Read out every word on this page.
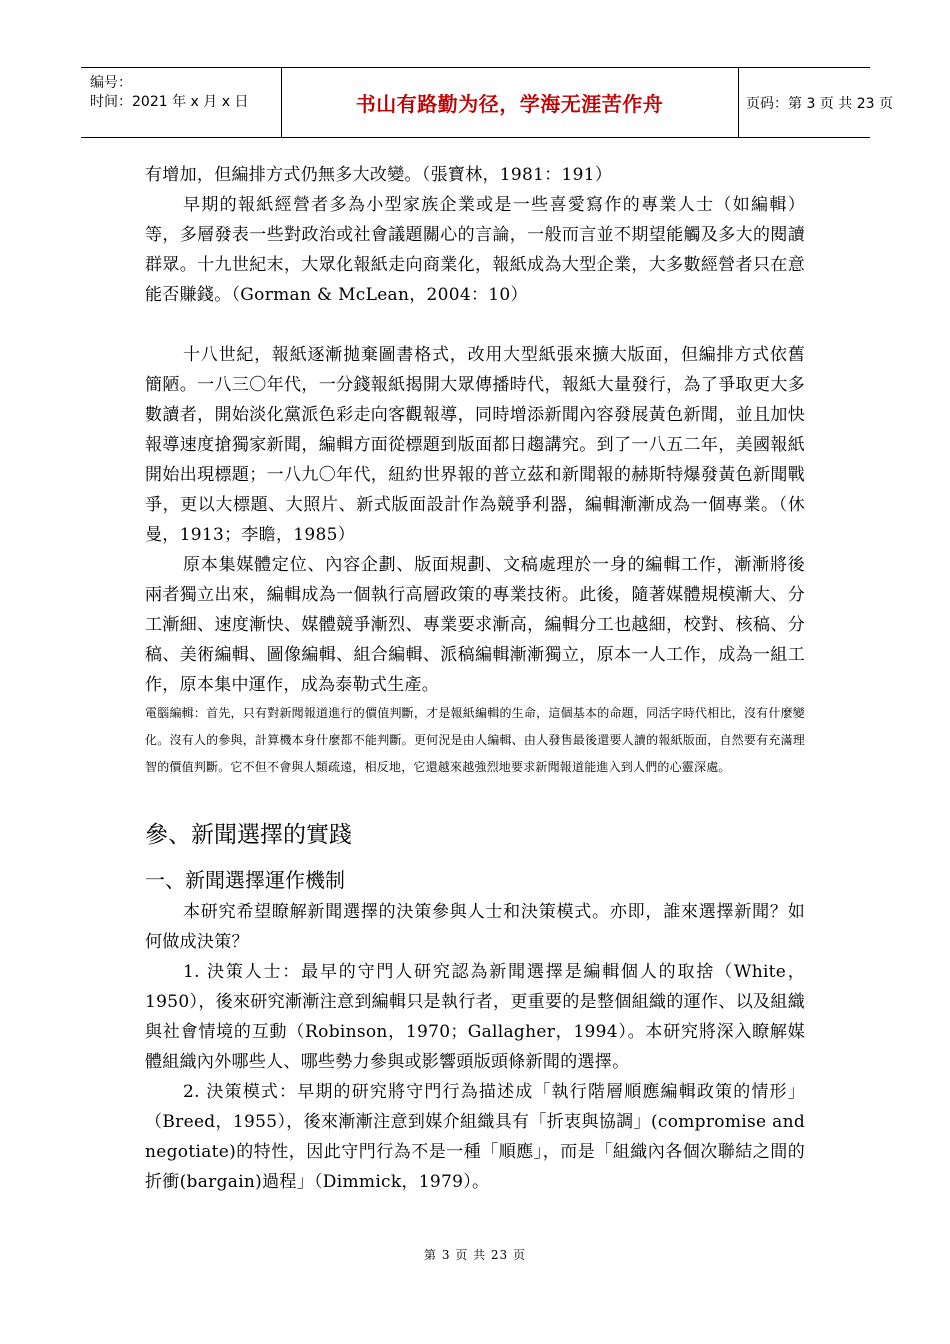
编号：
时间：2021 年 x 月 x 日	书山有路勤为径，学海无涯苦作舟	页码：第 3 页 共 23 页

有增加，但編排方式仍無多大改變。（張寶林，1981：191）

早期的報紙經營者多為小型家族企業或是一些喜愛寫作的專業人士（如編輯）等，多層發表一些對政治或社會議題關心的言論，一般而言並不期望能觸及多大的閱讀群眾。十九世紀末，大眾化報紙走向商業化，報紙成為大型企業，大多數經營者只在意能否賺錢。（Gorman & McLean，2004：10）

十八世紀，報紙逐漸拋棄圖書格式，改用大型紙張來擴大版面，但編排方式依舊簡陋。一八三〇年代，一分錢報紙揭開大眾傳播時代，報紙大量發行，為了爭取更大多數讀者，開始淡化黨派色彩走向客觀報導，同時增添新聞內容發展黃色新聞，並且加快報導速度搶獨家新聞，編輯方面從標題到版面都日趨講究。到了一八五二年，美國報紙開始出現標題；一八九〇年代，紐約世界報的普立茲和新聞報的赫斯特爆發黃色新聞戰爭，更以大標題、大照片、新式版面設計作為競爭利器，編輯漸漸成為一個專業。（休曼，1913；李瞻，1985）

原本集媒體定位、內容企劃、版面規劃、文稿處理於一身的編輯工作，漸漸將後兩者獨立出來，編輯成為一個執行高層政策的專業技術。此後，隨著媒體規模漸大、分工漸細、速度漸快、媒體競爭漸烈、專業要求漸高，編輯分工也越細，校對、核稿、分稿、美術編輯、圖像編輯、組合編輯、派稿編輯漸漸獨立，原本一人工作，成為一組工作，原本集中運作，成為泰勒式生產。

電腦編輯：首先，只有對新聞報道進行的價值判斷，才是報紙編輯的生命，這個基本的命題，同活字時代相比，沒有什麼變化。沒有人的參與，計算機本身什麼都不能判斷。更何況是由人編輯、由人發售最後還要人讀的報紙版面，自然要有充滿理智的價值判斷。它不但不會與人類疏遠，相反地，它還越來越強烈地要求新聞報道能進入到人們的心靈深處。

參、新聞選擇的實踐
一、新聞選擇運作機制

本研究希望瞭解新聞選擇的決策參與人士和決策模式。亦即，誰來選擇新聞？如何做成決策？

1. 決策人士：最早的守門人研究認為新聞選擇是編輯個人的取捨（White，1950），後來研究漸漸注意到編輯只是執行者，更重要的是整個組織的運作、以及組織與社會情境的互動（Robinson，1970；Gallagher，1994）。本研究將深入瞭解媒體組織內外哪些人、哪些勢力參與或影響頭版頭條新聞的選擇。

2. 決策模式：早期的研究將守門行為描述成「執行階層順應編輯政策的情形」（Breed，1955），後來漸漸注意到媒介組織具有「折衷與協調」(compromise and negotiate)的特性，因此守門行為不是一種「順應」，而是「組織內各個次聯結之間的折衝(bargain)過程」（Dimmick，1979）。

第 3 页 共 23 页
